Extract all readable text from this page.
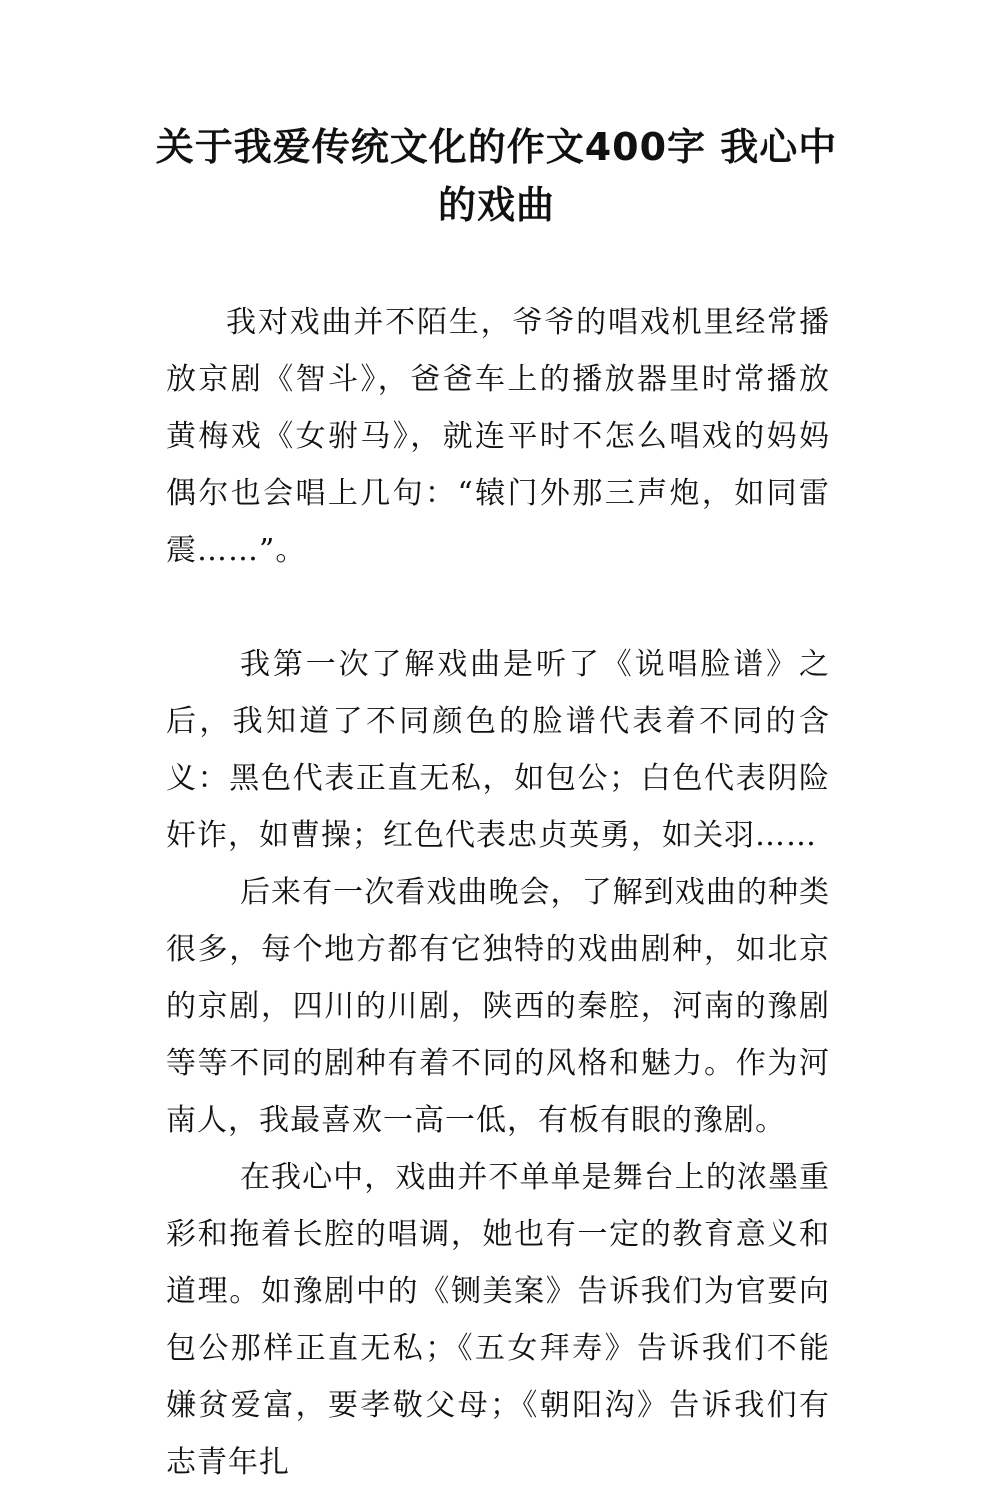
关于我爱传统文化的作文400字 我心中的戏曲

我对戏曲并不陌生，爷爷的唱戏机里经常播放京剧《智斗》，爸爸车上的播放器里时常播放黄梅戏《女驸马》，就连平时不怎么唱戏的妈妈偶尔也会唱上几句：“辕门外那三声炮，如同雷震……”。

我第一次了解戏曲是听了《说唱脸谱》之后，我知道了不同颜色的脸谱代表着不同的含义：黑色代表正直无私，如包公；白色代表阴险奸诈，如曹操；红色代表忠贞英勇，如关羽……

后来有一次看戏曲晚会，了解到戏曲的种类很多，每个地方都有它独特的戏曲剧种，如北京的京剧，四川的川剧，陕西的秦腔，河南的豫剧等等不同的剧种有着不同的风格和魅力。作为河南人，我最喜欢一高一低，有板有眼的豫剧。

在我心中，戏曲并不单单是舞台上的浓墨重彩和拖着长腔的唱调，她也有一定的教育意义和道理。如豫剧中的《铡美案》告诉我们为官要向包公那样正直无私；《五女拜寿》告诉我们不能嫌贫爱富，要孝敬父母；《朝阳沟》告诉我们有志青年扎
